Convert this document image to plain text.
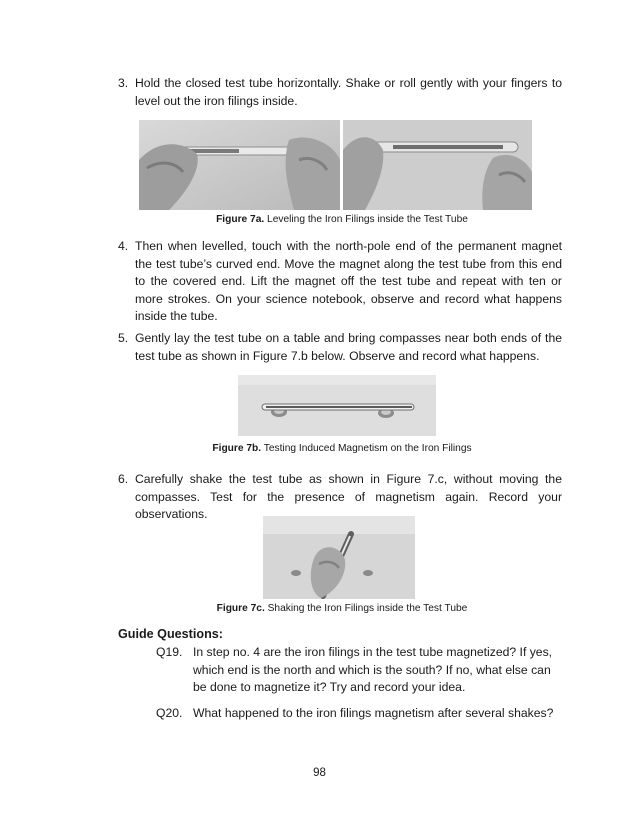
3. Hold the closed test tube horizontally. Shake or roll gently with your fingers to level out the iron filings inside.
Figure 7a. Leveling the Iron Filings inside the Test Tube
4. Then when levelled, touch with the north-pole end of the permanent magnet the test tube’s curved end. Move the magnet along the test tube from this end to the covered end. Lift the magnet off the test tube and repeat with ten or more strokes. On your science notebook, observe and record what happens inside the tube.
5. Gently lay the test tube on a table and bring compasses near both ends of the test tube as shown in Figure 7.b below. Observe and record what happens.
Figure 7b. Testing Induced Magnetism on the Iron Filings
6. Carefully shake the test tube as shown in Figure 7.c, without moving the compasses. Test for the presence of magnetism again. Record your observations.
Figure 7c. Shaking the Iron Filings inside the Test Tube
Guide Questions:
Q19. In step no. 4 are the iron filings in the test tube magnetized? If yes, which end is the north and which is the south? If no, what else can be done to magnetize it? Try and record your idea.
Q20. What happened to the iron filings magnetism after several shakes?
98
